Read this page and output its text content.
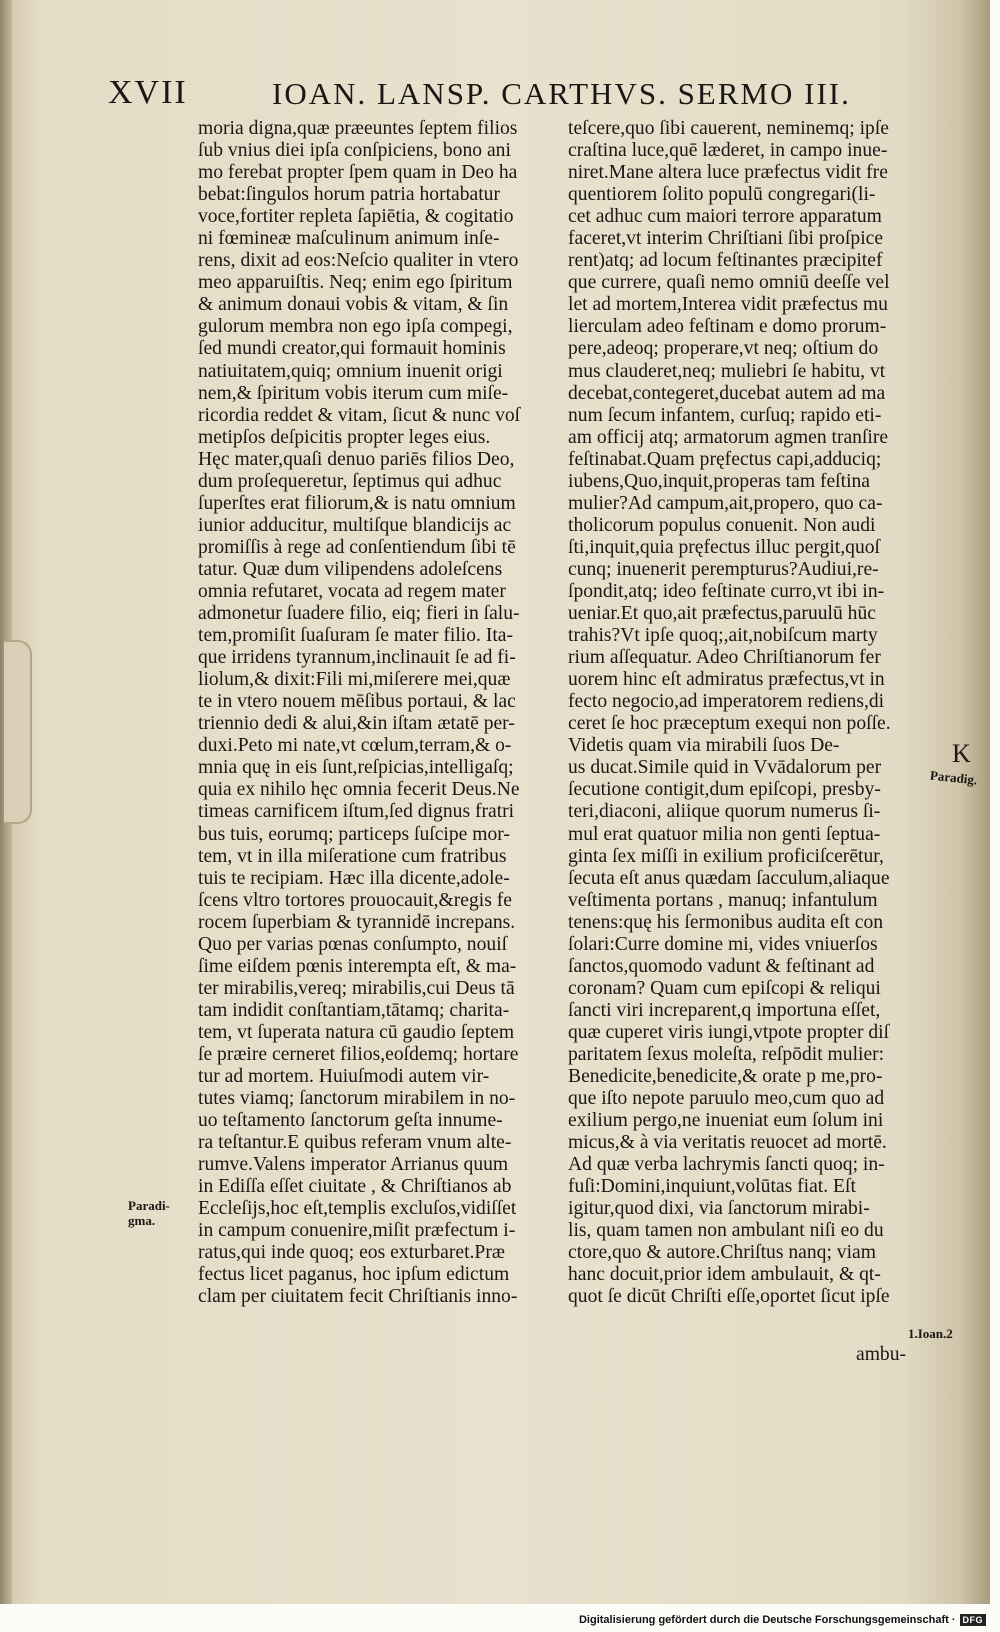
XVII	IOAN. LANSP. CARTHVS. SERMO III.
moria digna,quæ præeuntes ſeptem filios
ſub vnius diei ipſa conſpiciens, bono ani
mo ferebat propter ſpem quam in Deo ha
bebat:ſingulos horum patria hortabatur
voce,fortiter repleta ſapiētia, & cogitatio
ni fœmineæ maſculinum animum inſe-
rens, dixit ad eos:Neſcio qualiter in vtero
meo apparuiſtis. Neq; enim ego ſpiritum
& animum donaui vobis & vitam, & ſin
gulorum membra non ego ipſa compegi,
ſed mundi creator,qui formauit hominis
natiuitatem,quiq; omnium inuenit origi
nem,& ſpiritum vobis iterum cum miſe-
ricordia reddet & vitam, ſicut & nunc voſ
metipſos deſpicitis propter leges eius.
Hęc mater,quaſi denuo pariēs filios Deo,
dum proſequeretur, ſeptimus qui adhuc
ſuperſtes erat filiorum,& is natu omnium
iunior adducitur, multiſque blandicijs ac
promiſſis à rege ad conſentiendum ſibi tē
tatur. Quæ dum vilipendens adoleſcens
omnia refutaret, vocata ad regem mater
admonetur ſuadere filio, eiq; fieri in ſalu-
tem,promiſit ſuaſuram ſe mater filio. Ita-
que irridens tyrannum,inclinauit ſe ad fi-
liolum,& dixit:Fili mi,miſerere mei,quæ
te in vtero nouem mēſibus portaui, & lac
triennio dedi & alui,&in iſtam ætatē per-
duxi.Peto mi nate,vt cœlum,terram,& o-
mnia quę in eis ſunt,reſpicias,intelligaſq;
quia ex nihilo hęc omnia fecerit Deus.Ne
timeas carnificem iſtum,ſed dignus fratri
bus tuis, eorumq; particeps ſuſcipe mor-
tem, vt in illa miſeratione cum fratribus
tuis te recipiam. Hæc illa dicente,adole-
ſcens vltro tortores prouocauit,&regis fe
rocem ſuperbiam & tyrannidē increpans.
Quo per varias pœnas conſumpto, nouiſ
ſime eiſdem pœnis interempta eſt, & ma-
ter mirabilis,vereq; mirabilis,cui Deus tā
tam indidit conſtantiam,tātamq; charita-
tem, vt ſuperata natura cū gaudio ſeptem
ſe præire cerneret filios,eoſdemq; hortare
tur ad mortem. Huiuſmodi autem vir-
tutes viamq; ſanctorum mirabilem in no-
uo teſtamento ſanctorum geſta innume-
ra teſtantur.E quibus referam vnum alte-
rumve.Valens imperator Arrianus quum
in Ediſſa eſſet ciuitate , & Chriſtianos ab
Eccleſijs,hoc eſt,templis excluſos,vidiſſet
in campum conuenire,miſit præfectum i-
ratus,qui inde quoq; eos exturbaret.Præ
fectus licet paganus, hoc ipſum edictum
clam per ciuitatem fecit Chriſtianis inno-
teſcere,quo ſibi cauerent, neminemq; ipſe
craſtina luce,quē læderet, in campo inue-
niret.Mane altera luce præfectus vidit fre
quentiorem ſolito populū congregari(li-
cet adhuc cum maiori terrore apparatum
faceret,vt interim Chriſtiani ſibi proſpice
rent)atq; ad locum feſtinantes præcipitef
que currere, quaſi nemo omniū deeſſe vel
let ad mortem,Interea vidit præfectus mu
lierculam adeo feſtinam e domo prorum-
pere,adeoq; properare,vt neq; oſtium do
mus clauderet,neq; muliebri ſe habitu, vt
decebat,contegeret,ducebat autem ad ma
num ſecum infantem, curſuq; rapido eti-
am officij atq; armatorum agmen tranſire
feſtinabat.Quam pręfectus capi,adduciq;
iubens,Quo,inquit,properas tam feſtina
mulier?Ad campum,ait,propero, quo ca-
tholicorum populus conuenit. Non audi
ſti,inquit,quia pręfectus illuc pergit,quoſ
cunq; inuenerit perempturus?Audiui,re-
ſpondit,atq; ideo feſtinate curro,vt ibi in-
ueniar.Et quo,ait præfectus,paruulū hūc
trahis?Vt ipſe quoq;,ait,nobiſcum marty
rium aſſequatur. Adeo Chriſtianorum fer
uorem hinc eſt admiratus præfectus,vt in
fecto negocio,ad imperatorem rediens,di
ceret ſe hoc præceptum exequi non poſſe.
Videtis quam via mirabili ſuos De-
us ducat.Simile quid in Vvādalorum per
ſecutione contigit,dum epiſcopi, presby-
teri,diaconi, aliique quorum numerus ſi-
mul erat quatuor milia non genti ſeptua-
ginta ſex miſſi in exilium proficiſcerētur,
ſecuta eſt anus quædam ſacculum,aliaque
veſtimenta portans , manuq; infantulum
tenens:quę his ſermonibus audita eſt con
ſolari:Curre domine mi, vides vniuerſos
ſanctos,quomodo vadunt & feſtinant ad
coronam? Quam cum epiſcopi & reliqui
ſancti viri increparent,q importuna eſſet,
quæ cuperet viris iungi,vtpote propter diſ
paritatem ſexus moleſta, reſpōdit mulier:
Benedicite,benedicite,& orate p me,pro-
que iſto nepote paruulo meo,cum quo ad
exilium pergo,ne inueniat eum ſolum ini
micus,& à via veritatis reuocet ad mortē.
Ad quæ verba lachrymis ſancti quoq; in-
fuſi:Domini,inquiunt,volūtas fiat. Eſt
igitur,quod dixi, via ſanctorum mirabi-
lis, quam tamen non ambulant niſi eo du
ctore,quo & autore.Chriſtus nanq; viam
hanc docuit,prior idem ambulauit, & qt-
quot ſe dicūt Chriſti eſſe,oportet ſicut ipſe
K
Paradig.
Paradi-
gma.
1.Ioan.2
ambu-
Digitalisierung gefördert durch die Deutsche Forschungsgemeinschaft · DFG
